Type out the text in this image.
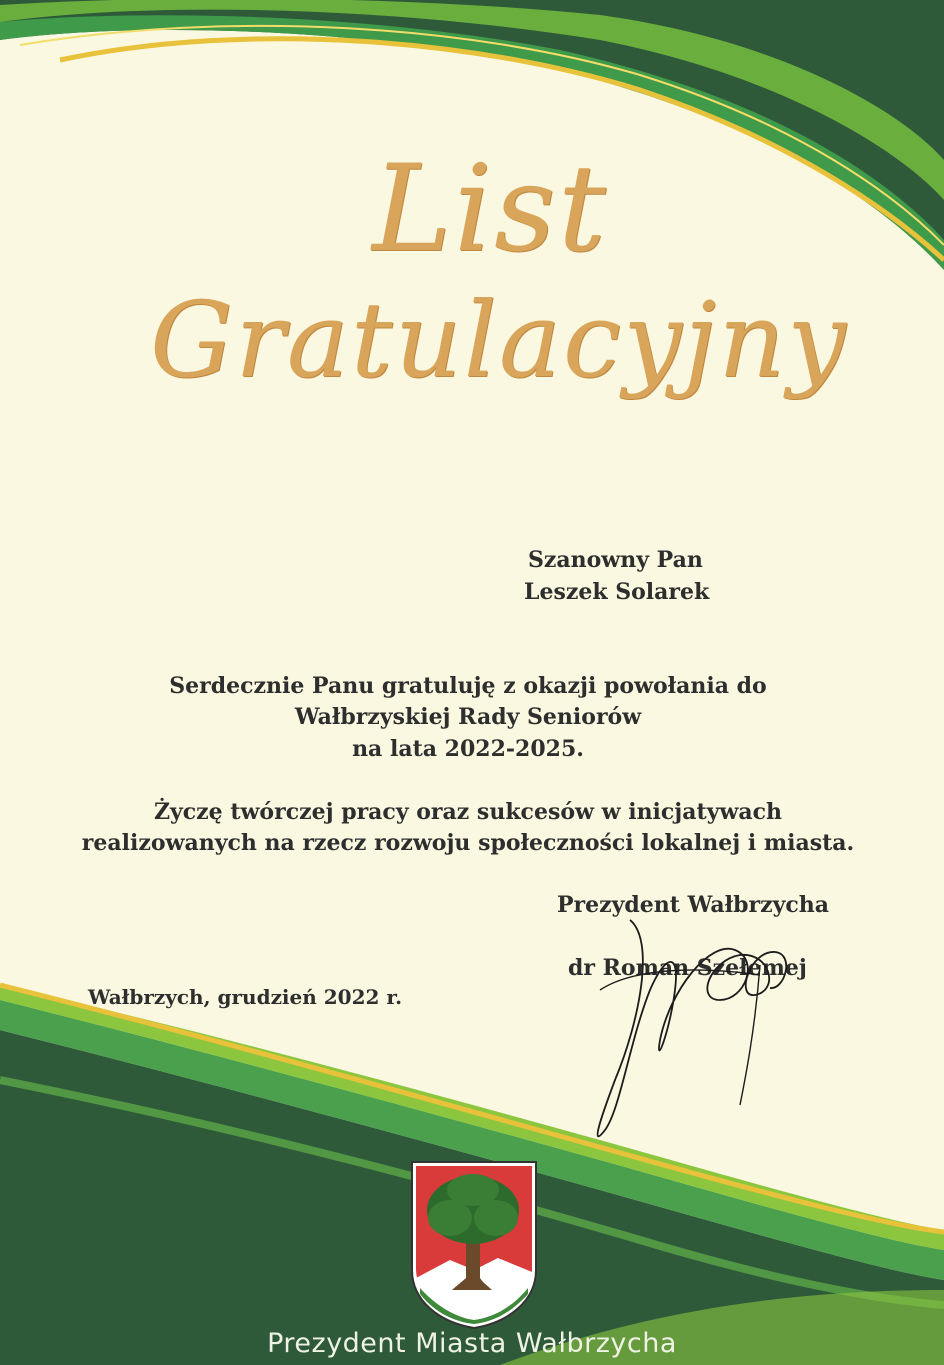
List
Gratulacyjny
Szanowny Pan
Leszek Solarek
Serdecznie Panu gratuluję z okazji powołania do
Wałbrzyskiej Rady Seniorów
na lata 2022-2025.
Życzę twórczej pracy oraz sukcesów w inicjatywach
realizowanych na rzecz rozwoju społeczności lokalnej i miasta.
Prezydent Wałbrzycha
dr Roman Szełemej
Wałbrzych, grudzień 2022 r.
Prezydent Miasta Wałbrzycha
